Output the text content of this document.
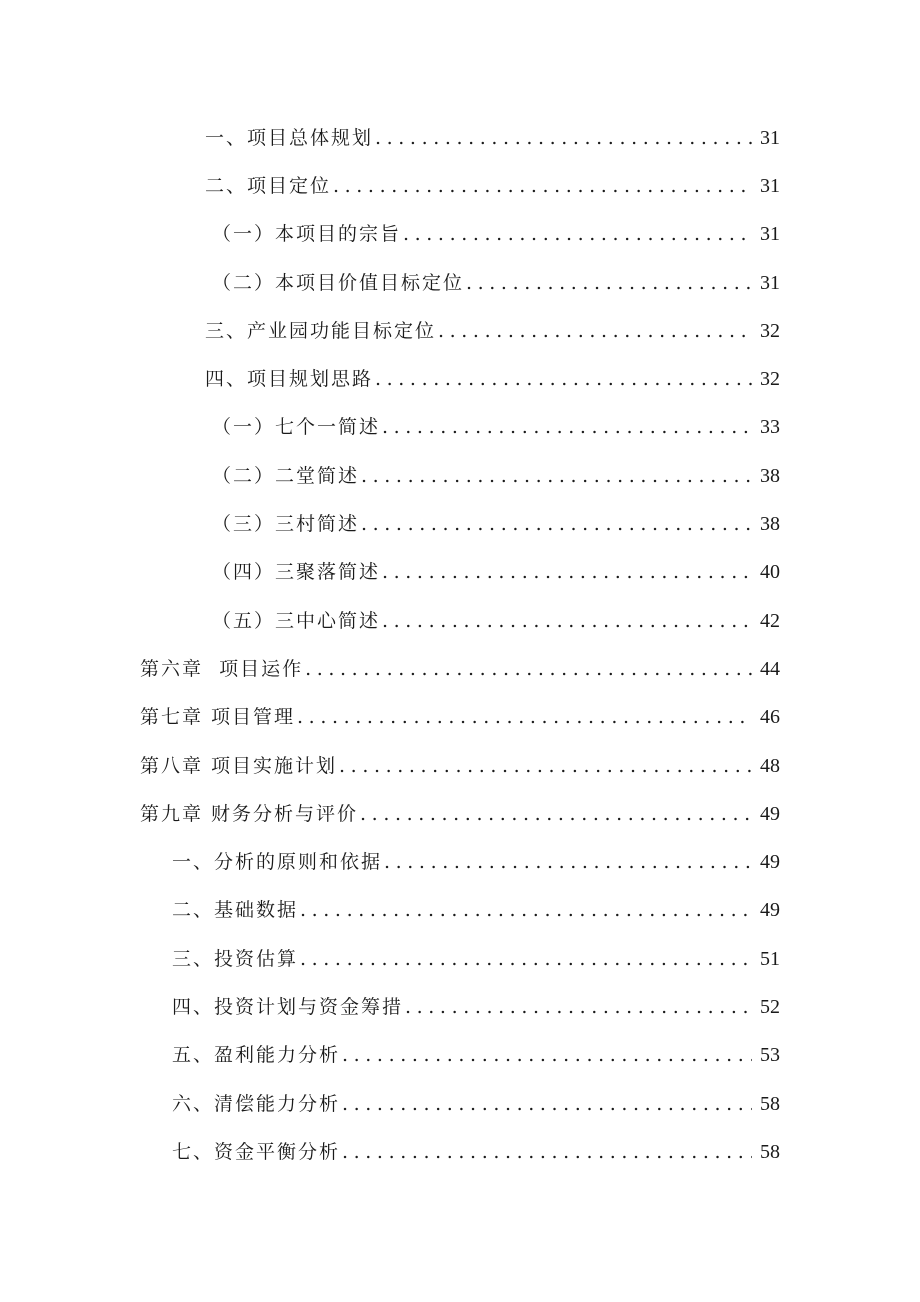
一、项目总体规划 .....	31
二、项目定位 .....	31
（一）本项目的宗旨 .....	31
（二）本项目价值目标定位 .....	31
三、产业园功能目标定位 .....	32
四、项目规划思路 .....	32
（一）七个一简述 .....	33
（二）二堂简述 .....	38
（三）三村简述 .....	38
（四）三聚落简述 .....	40
（五）三中心简述 .....	42
第六章  项目运作 .....	44
第七章 项目管理 .....	46
第八章 项目实施计划 .....	48
第九章 财务分析与评价 .....	49
一、分析的原则和依据 .....	49
二、基础数据 .....	49
三、投资估算 .....	51
四、投资计划与资金筹措 .....	52
五、盈利能力分析 .....	53
六、清偿能力分析 .....	58
七、资金平衡分析 .....	58
